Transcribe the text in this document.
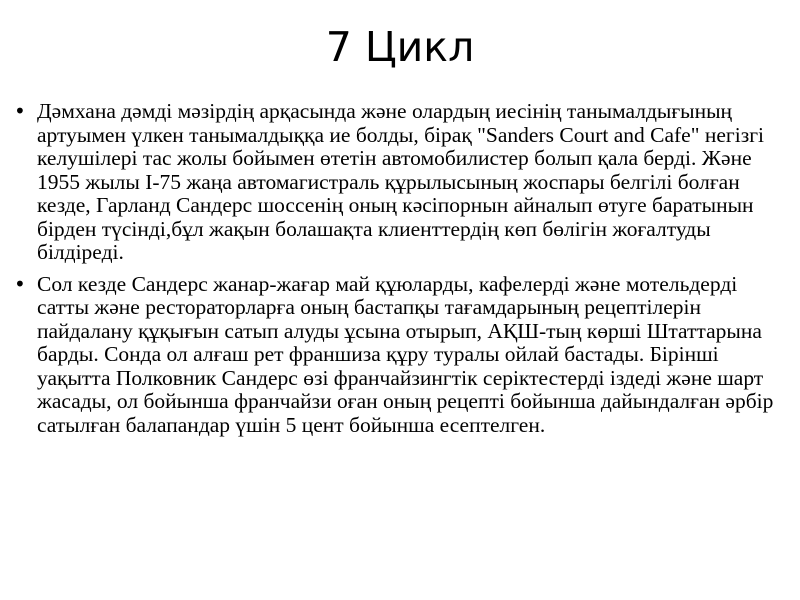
7 Цикл
• Дәмхана дәмді мәзірдің арқасында және олардың иесінің танымалдығының артуымен үлкен танымалдыққа ие болды, бірақ "Sanders Court and Cafe" негізгі келушілері тас жолы бойымен өтетін автомобилистер болып қала берді. Және 1955 жылы I-75 жаңа автомагистраль құрылысының жоспары белгілі болған кезде, Гарланд Сандерс шоссенің оның кәсіпорнын айналып өтуге баратынын бірден түсінді,бұл жақын болашақта клиенттердің көп бөлігін жоғалтуды білдіреді.

• Сол кезде Сандерс жанар-жағар май құюларды, кафелерді және мотельдерді сатты және рестораторларға оның бастапқы тағамдарының рецептілерін пайдалану құқығын сатып алуды ұсына отырып, АҚШ-тың көрші Штаттарына барды. Сонда ол алғаш рет франшиза құру туралы ойлай бастады. Бірінші уақытта Полковник Сандерс өзі франчайзингтік серіктестерді іздеді және шарт жасады, ол бойынша франчайзи оған оның рецепті бойынша дайындалған әрбір сатылған балапандар үшін 5 цент бойынша есептелген.
